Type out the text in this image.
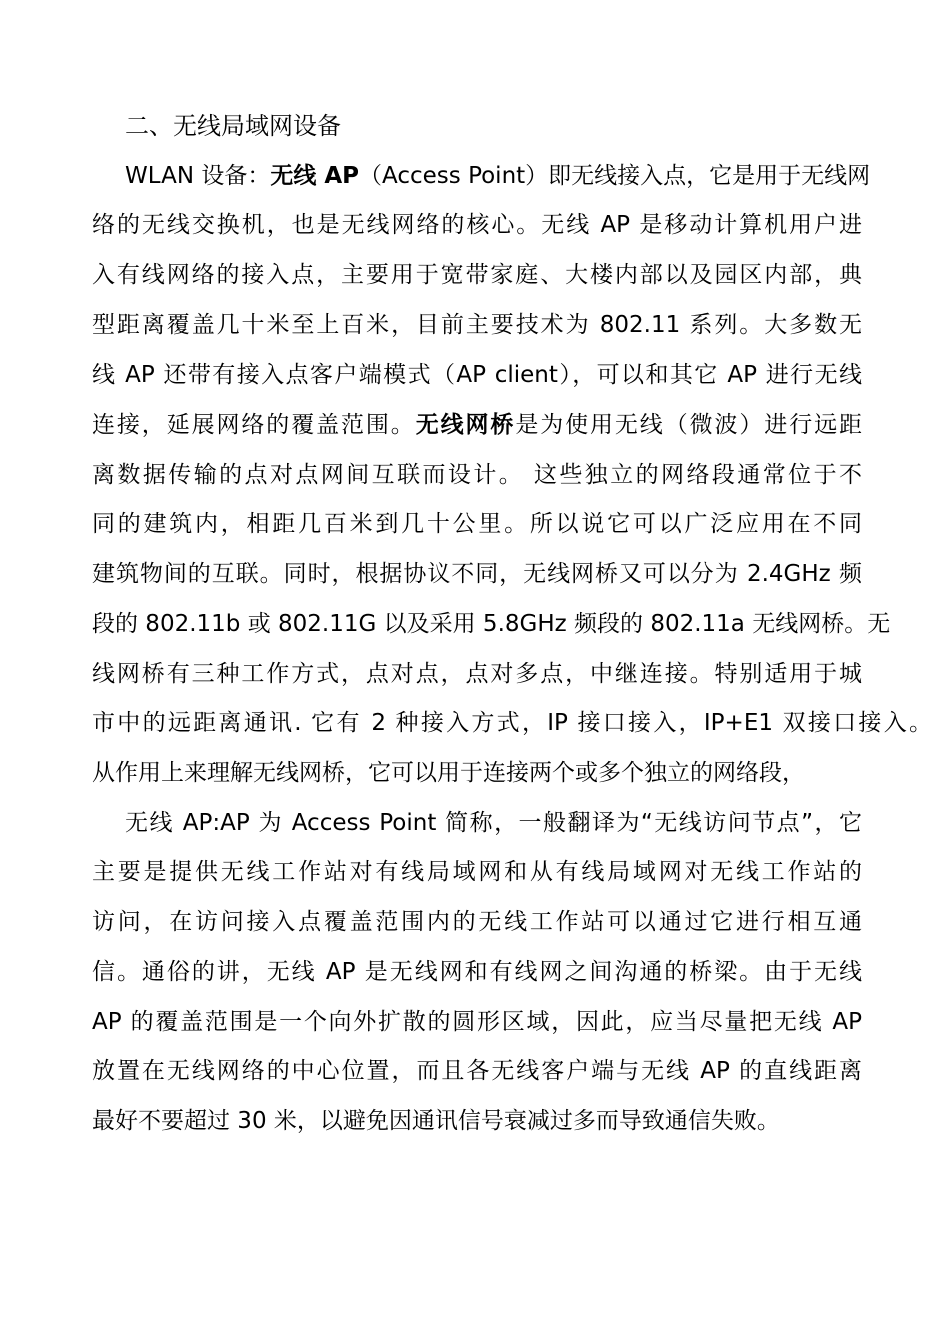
二、无线局域网设备
WLAN 设备：无线 AP（Access Point）即无线接入点，它是用于无线网
络的无线交换机，也是无线网络的核心。无线 AP 是移动计算机用户进
入有线网络的接入点，主要用于宽带家庭、大楼内部以及园区内部，典
型距离覆盖几十米至上百米，目前主要技术为 802.11 系列。大多数无
线 AP 还带有接入点客户端模式（AP client），可以和其它 AP 进行无线
连接，延展网络的覆盖范围。无线网桥是为使用无线（微波）进行远距
离数据传输的点对点网间互联而设计。 这些独立的网络段通常位于不
同的建筑内，相距几百米到几十公里。所以说它可以广泛应用在不同
建筑物间的互联。同时，根据协议不同，无线网桥又可以分为 2.4GHz 频
段的 802.11b 或 802.11G 以及采用 5.8GHz 频段的 802.11a 无线网桥。无
线网桥有三种工作方式，点对点，点对多点，中继连接。特别适用于城
市中的远距离通讯. 它有 2 种接入方式，IP 接口接入，IP+E1 双接口接入。
从作用上来理解无线网桥，它可以用于连接两个或多个独立的网络段，
无线 AP:AP 为 Access Point 简称，一般翻译为“无线访问节点”，它
主要是提供无线工作站对有线局域网和从有线局域网对无线工作站的
访问，在访问接入点覆盖范围内的无线工作站可以通过它进行相互通
信。通俗的讲，无线 AP 是无线网和有线网之间沟通的桥梁。由于无线
AP 的覆盖范围是一个向外扩散的圆形区域，因此，应当尽量把无线 AP
放置在无线网络的中心位置，而且各无线客户端与无线 AP 的直线距离
最好不要超过 30 米，以避免因通讯信号衰减过多而导致通信失败。
